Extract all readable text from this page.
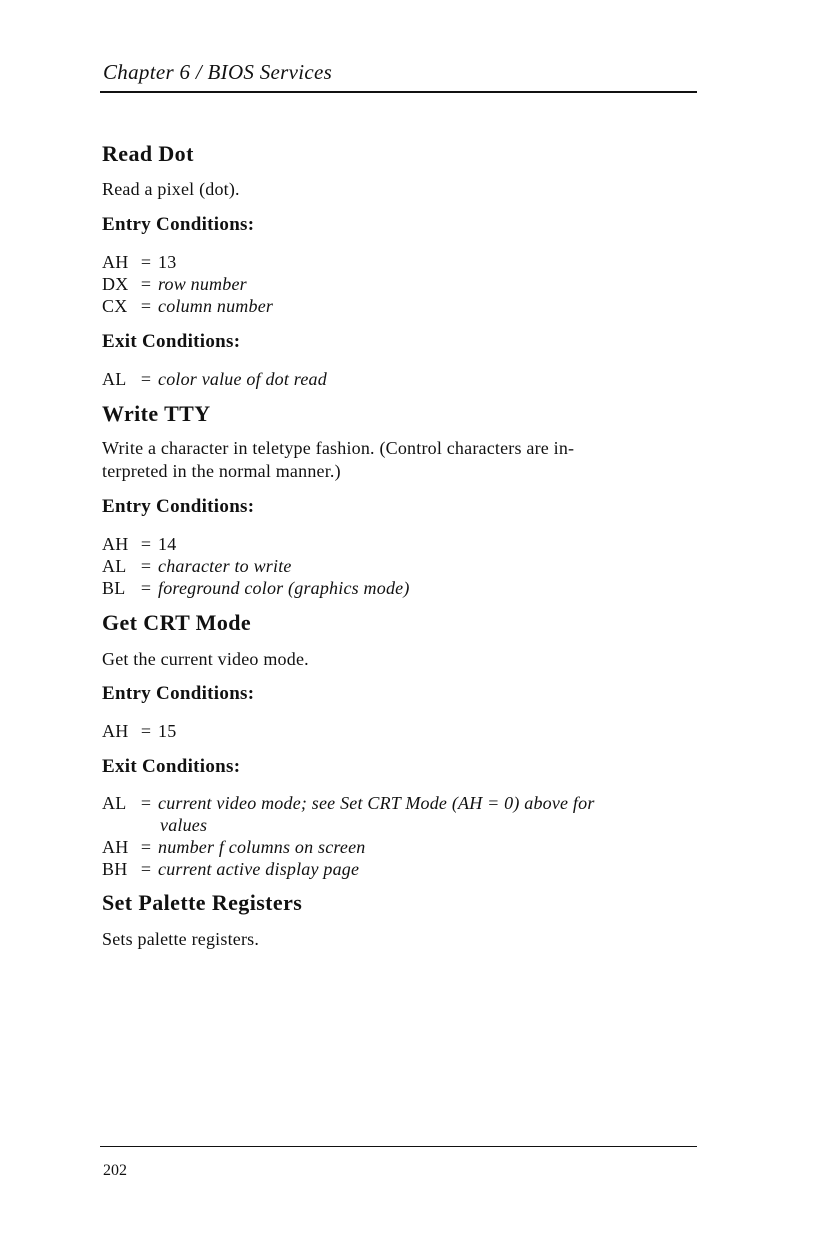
Chapter 6 / BIOS Services
Read Dot
Read a pixel (dot).
Entry Conditions:
AH = 13
DX = row number
CX = column number
Exit Conditions:
AL = color value of dot read
Write TTY
Write a character in teletype fashion. (Control characters are in-
terpreted in the normal manner.)
Entry Conditions:
AH = 14
AL = character to write
BL = foreground color (graphics mode)
Get CRT Mode
Get the current video mode.
Entry Conditions:
AH = 15
Exit Conditions:
AL = current video mode; see Set CRT Mode (AH = 0) above for
values
AH = number f columns on screen
BH = current active display page
Set Palette Registers
Sets palette registers.
202
